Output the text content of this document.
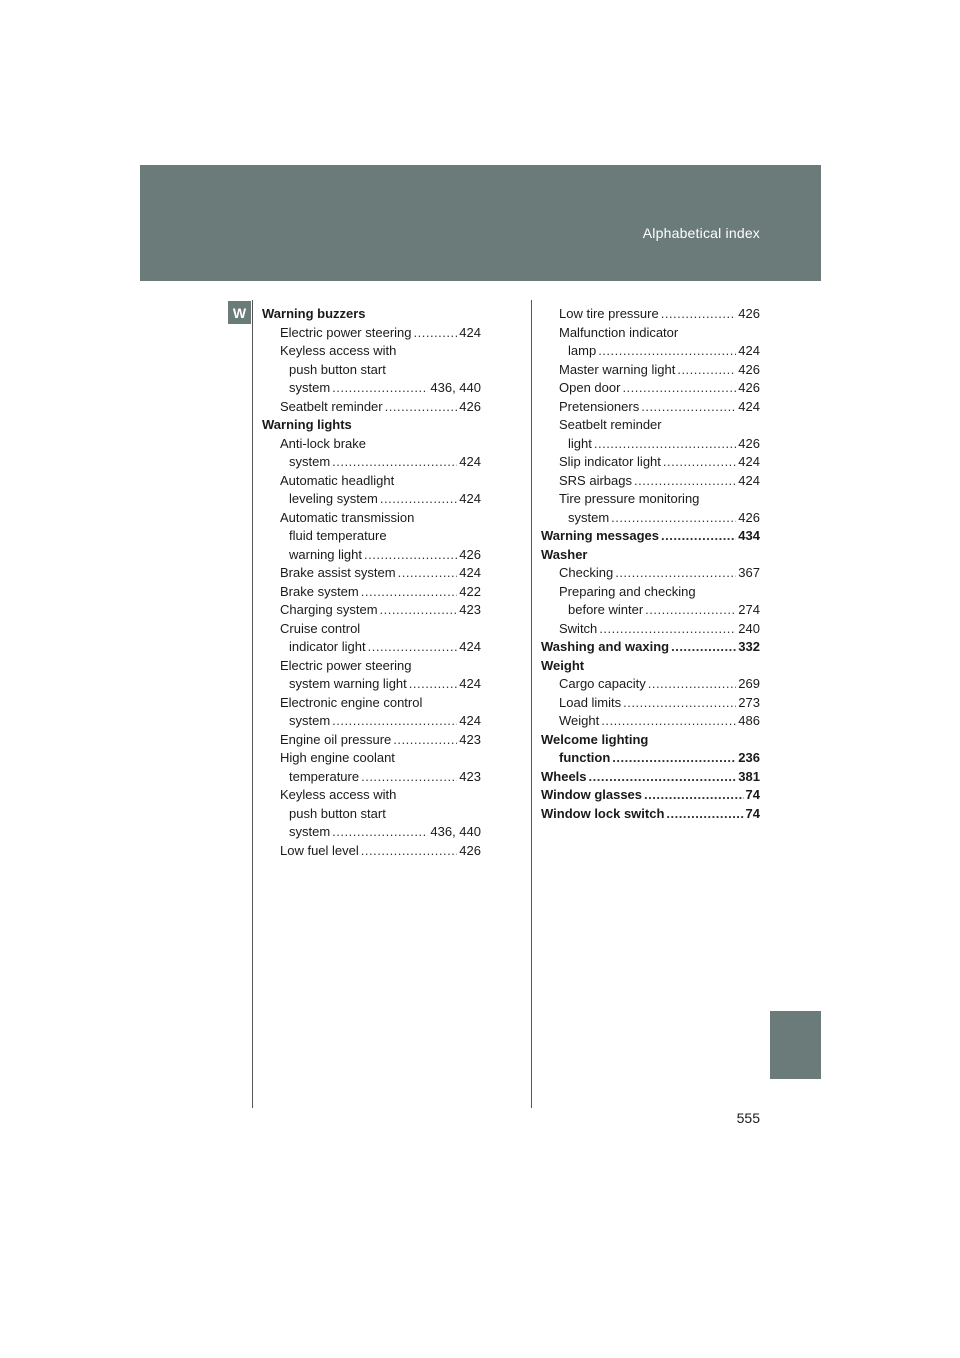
Alphabetical index
W	Warning buzzers
Electric power steering .....	424
Keyless access with
push button start
system .....	436, 440
Seatbelt reminder .....	426
Warning lights
Anti-lock brake
system .....	424
Automatic headlight
leveling system .....	424
Automatic transmission
fluid temperature
warning light .....	426
Brake assist system .....	424
Brake system .....	422
Charging system .....	423
Cruise control
indicator light .....	424
Electric power steering
system warning light .....	424
Electronic engine control
system .....	424
Engine oil pressure .....	423
High engine coolant
temperature .....	423
Keyless access with
push button start
system .....	436, 440
Low fuel level .....	426
Low tire pressure .....	426
Malfunction indicator
lamp .....	424
Master warning light .....	426
Open door .....	426
Pretensioners .....	424
Seatbelt reminder
light .....	426
Slip indicator light .....	424
SRS airbags .....	424
Tire pressure monitoring
system .....	426
Warning messages .....	434
Washer
Checking .....	367
Preparing and checking
before winter .....	274
Switch .....	240
Washing and waxing .....	332
Weight
Cargo capacity .....	269
Load limits .....	273
Weight .....	486
Welcome lighting
function .....	236
Wheels .....	381
Window glasses .....	74
Window lock switch .....	74
555
